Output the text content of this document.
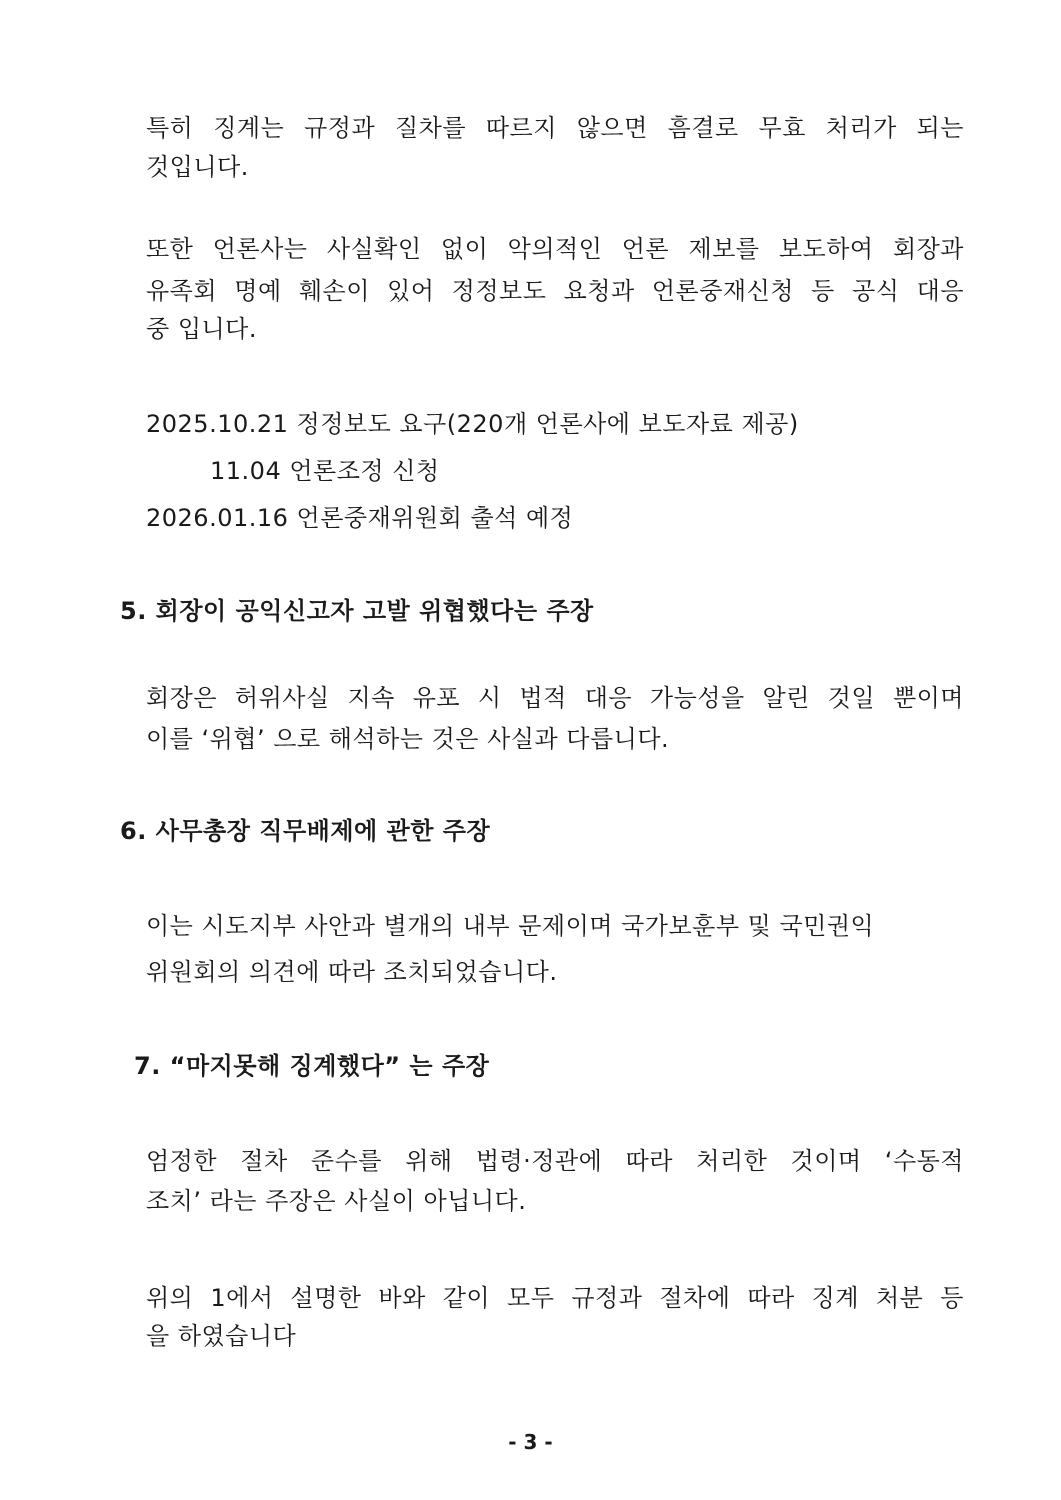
특히 징계는 규정과 질차를 따르지 않으면 흠결로 무효 처리가 되는
것입니다.
또한 언론사는 사실확인 없이 악의적인 언론 제보를 보도하여 회장과
유족회 명예 훼손이 있어 정정보도 요청과 언론중재신청 등 공식 대응
중 입니다.
2025.10.21 정정보도 요구(220개 언론사에 보도자료 제공)
11.04 언론조정 신청
2026.01.16 언론중재위원회 출석 예정
5. 회장이 공익신고자 고발 위협했다는 주장
회장은 허위사실 지속 유포 시 법적 대응 가능성을 알린 것일 뿐이며
이를 ‘위협’ 으로 해석하는 것은 사실과 다릅니다.
6. 사무총장 직무배제에 관한 주장
이는 시도지부 사안과 별개의 내부 문제이며 국가보훈부 및 국민권익
위원회의 의견에 따라 조치되었습니다.
7. “마지못해 징계했다” 는 주장
엄정한 절차 준수를 위해 법령·정관에 따라 처리한 것이며 ‘수동적
조치’ 라는 주장은 사실이 아닙니다.
위의 1에서 설명한 바와 같이 모두 규정과 절차에 따라 징계 처분 등
을 하였습니다
- 3 -
